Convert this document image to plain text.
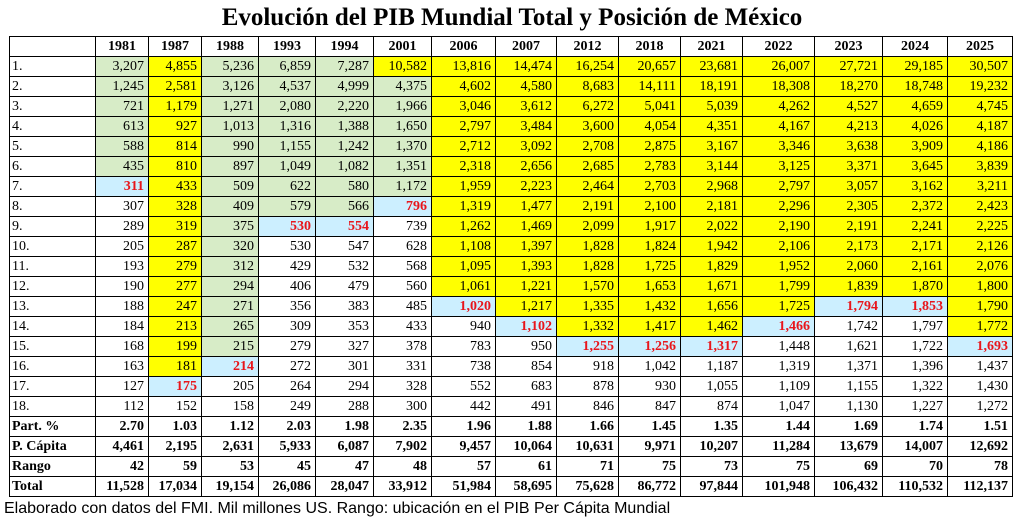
Evolución del PIB Mundial Total y Posición de México
	1981	1987	1988	1993	1994	2001	2006	2007	2012	2018	2021	2022	2023	2024	2025
1.	3,207	4,855	5,236	6,859	7,287	10,582	13,816	14,474	16,254	20,657	23,681	26,007	27,721	29,185	30,507
2.	1,245	2,581	3,126	4,537	4,999	4,375	4,602	4,580	8,683	14,111	18,191	18,308	18,270	18,748	19,232
3.	721	1,179	1,271	2,080	2,220	1,966	3,046	3,612	6,272	5,041	5,039	4,262	4,527	4,659	4,745
4.	613	927	1,013	1,316	1,388	1,650	2,797	3,484	3,600	4,054	4,351	4,167	4,213	4,026	4,187
5.	588	814	990	1,155	1,242	1,370	2,712	3,092	2,708	2,875	3,167	3,346	3,638	3,909	4,186
6.	435	810	897	1,049	1,082	1,351	2,318	2,656	2,685	2,783	3,144	3,125	3,371	3,645	3,839
7.	311	433	509	622	580	1,172	1,959	2,223	2,464	2,703	2,968	2,797	3,057	3,162	3,211
8.	307	328	409	579	566	796	1,319	1,477	2,191	2,100	2,181	2,296	2,305	2,372	2,423
9.	289	319	375	530	554	739	1,262	1,469	2,099	1,917	2,022	2,190	2,191	2,241	2,225
10.	205	287	320	530	547	628	1,108	1,397	1,828	1,824	1,942	2,106	2,173	2,171	2,126
11.	193	279	312	429	532	568	1,095	1,393	1,828	1,725	1,829	1,952	2,060	2,161	2,076
12.	190	277	294	406	479	560	1,061	1,221	1,570	1,653	1,671	1,799	1,839	1,870	1,800
13.	188	247	271	356	383	485	1,020	1,217	1,335	1,432	1,656	1,725	1,794	1,853	1,790
14.	184	213	265	309	353	433	940	1,102	1,332	1,417	1,462	1,466	1,742	1,797	1,772
15.	168	199	215	279	327	378	783	950	1,255	1,256	1,317	1,448	1,621	1,722	1,693
16.	163	181	214	272	301	331	738	854	918	1,042	1,187	1,319	1,371	1,396	1,437
17.	127	175	205	264	294	328	552	683	878	930	1,055	1,109	1,155	1,322	1,430
18.	112	152	158	249	288	300	442	491	846	847	874	1,047	1,130	1,227	1,272
Part. %	2.70	1.03	1.12	2.03	1.98	2.35	1.96	1.88	1.66	1.45	1.35	1.44	1.69	1.74	1.51
P. Cápita	4,461	2,195	2,631	5,933	6,087	7,902	9,457	10,064	10,631	9,971	10,207	11,284	13,679	14,007	12,692
Rango	42	59	53	45	47	48	57	61	71	75	73	75	69	70	78
Total	11,528	17,034	19,154	26,086	28,047	33,912	51,984	58,695	75,628	86,772	97,844	101,948	106,432	110,532	112,137
Elaborado con datos del FMI. Mil millones US. Rango: ubicación en el PIB Per Cápita Mundial
